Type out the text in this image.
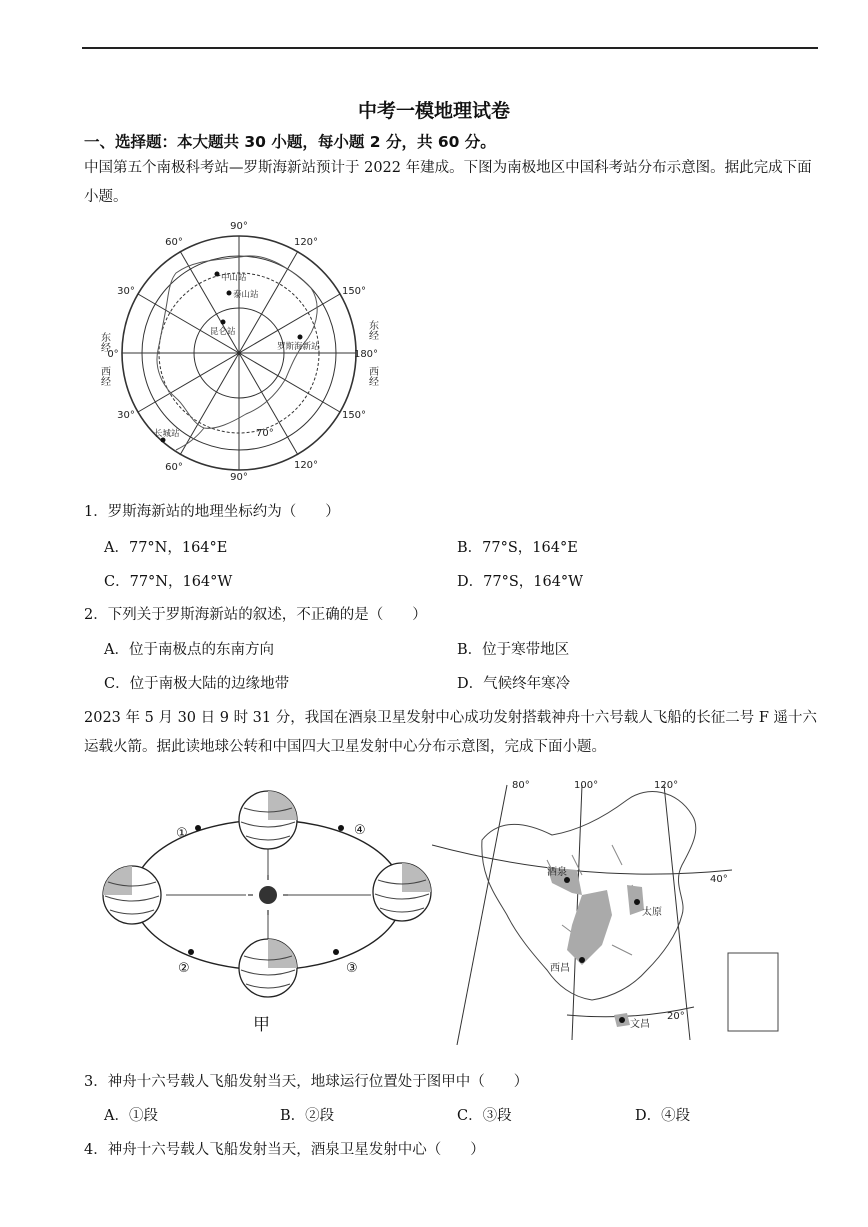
中考一模地理试卷
一、选择题：本大题共 30 小题，每小题 2 分，共 60 分。

中国第五个南极科考站—罗斯海新站预计于 2022 年建成。下图为南极地区中国科考站分布示意图。据此完成下面小题。

90°
120°
150°
180°
150°
120°
90°
60°
30°
0°
30°
60°
东经
西经
东经
西经
70°
中山站
泰山站
昆仑站
罗斯海新站
长城站
1．罗斯海新站的地理坐标约为（　　）
A．77°N，164°E	B．77°S，164°E
C．77°N，164°W	D．77°S，164°W
2．下列关于罗斯海新站的叙述，不正确的是（　　）
A．位于南极点的东南方向	B．位于寒带地区
C．位于南极大陆的边缘地带	D．气候终年寒冷

2023 年 5 月 30 日 9 时 31 分，我国在酒泉卫星发射中心成功发射搭载神舟十六号载人飞船的长征二号 F 遥十六运载火箭。据此读地球公转和中国四大卫星发射中心分布示意图，完成下面小题。

①
②	③
④
甲
80°	100°	120°
40°
20°
酒泉
太原
西昌
文昌
3．神舟十六号载人飞船发射当天，地球运行位置处于图甲中（　　）
A．①段	B．②段	C．③段	D．④段
4．神舟十六号载人飞船发射当天，酒泉卫星发射中心（　　）
